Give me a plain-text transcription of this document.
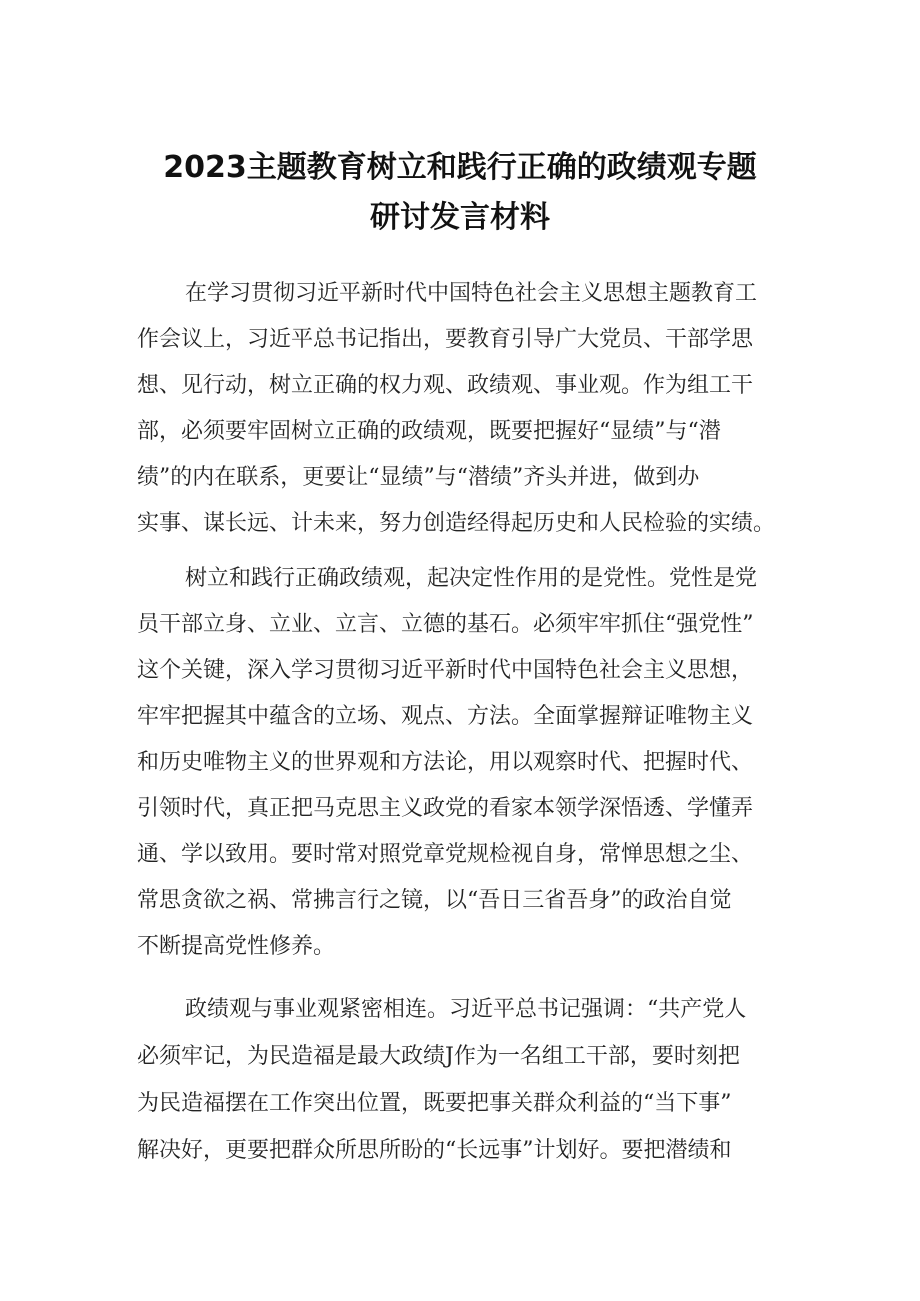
2023主题教育树立和践行正确的政绩观专题
研讨发言材料

在学习贯彻习近平新时代中国特色社会主义思想主题教育工

作会议上，习近平总书记指出，要教育引导广大党员、干部学思

想、见行动，树立正确的权力观、政绩观、事业观。作为组工干

部，必须要牢固树立正确的政绩观，既要把握好“显绩”与“潜

绩”的内在联系，更要让“显绩”与“潜绩”齐头并进，做到办

实事、谋长远、计未来，努力创造经得起历史和人民检验的实绩。

树立和践行正确政绩观，起决定性作用的是党性。党性是党

员干部立身、立业、立言、立德的基石。必须牢牢抓住“强党性”

这个关键，深入学习贯彻习近平新时代中国特色社会主义思想，

牢牢把握其中蕴含的立场、观点、方法。全面掌握辩证唯物主义

和历史唯物主义的世界观和方法论，用以观察时代、把握时代、

引领时代，真正把马克思主义政党的看家本领学深悟透、学懂弄

通、学以致用。要时常对照党章党规检视自身，常惮思想之尘、

常思贪欲之祸、常拂言行之镜，以“吾日三省吾身”的政治自觉

不断提高党性修养。

政绩观与事业观紧密相连。习近平总书记强调：“共产党人

必须牢记，为民造福是最大政绩J作为一名组工干部，要时刻把

为民造福摆在工作突出位置，既要把事关群众利益的“当下事”

解决好，更要把群众所思所盼的“长远事”计划好。要把潜绩和
